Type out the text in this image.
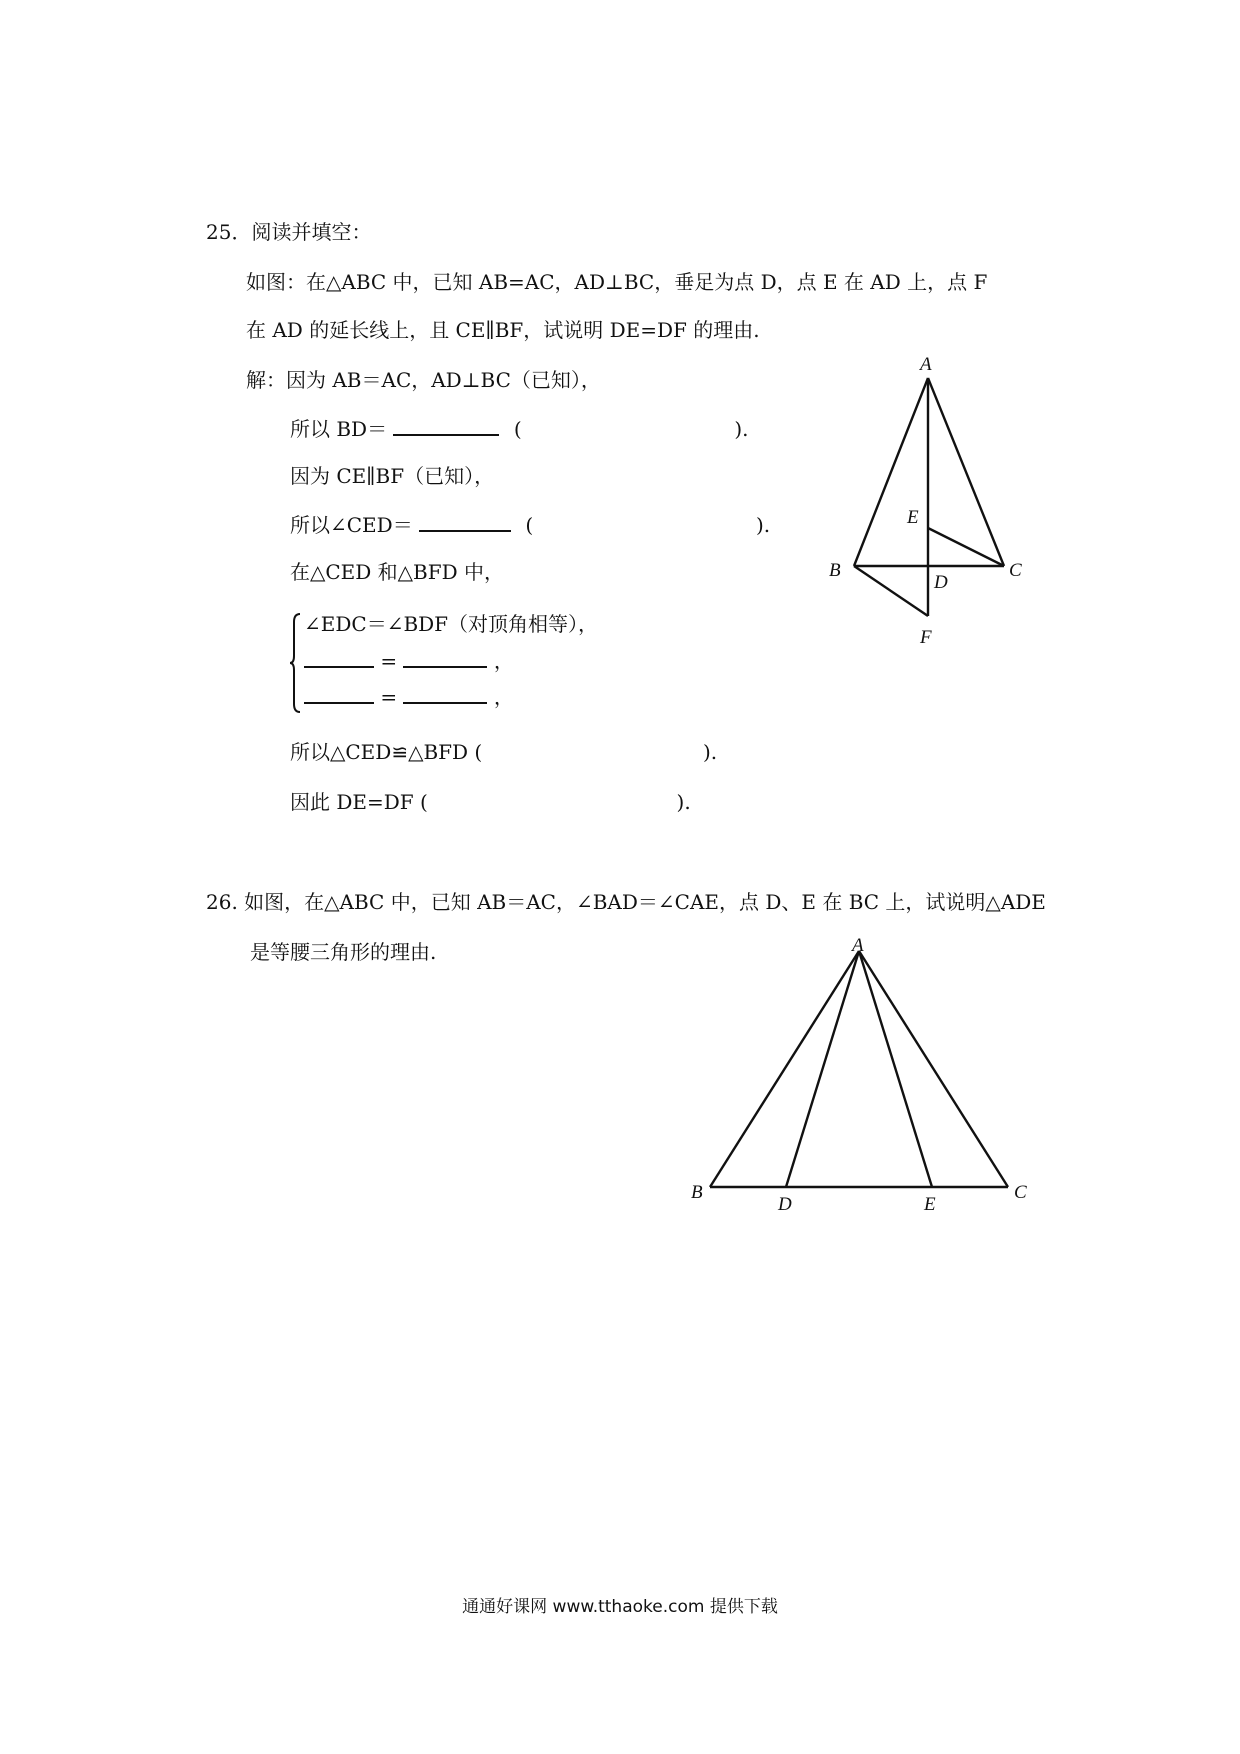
25．阅读并填空：
如图：在△ABC 中，已知 AB=AC，AD⊥BC，垂足为点 D，点 E 在 AD 上，点 F
在 AD 的延长线上，且 CE∥BF，试说明 DE=DF 的理由.
解：因为 AB＝AC，AD⊥BC（已知），
所以 BD＝	(	).
因为 CE∥BF（已知），
所以∠CED＝	(	).
在△CED 和△BFD 中，
∠EDC＝∠BDF（对顶角相等），
=	，
=	，
所以△CED≌△BFD (	).
因此 DE=DF (	).
26. 如图，在△ABC 中，已知 AB＝AC，∠BAD＝∠CAE，点 D、E 在 BC 上，试说明△ADE
是等腰三角形的理由.
A
E
B
D
C
F
A
B
D	E
C
通通好课网 www.tthaoke.com 提供下载
